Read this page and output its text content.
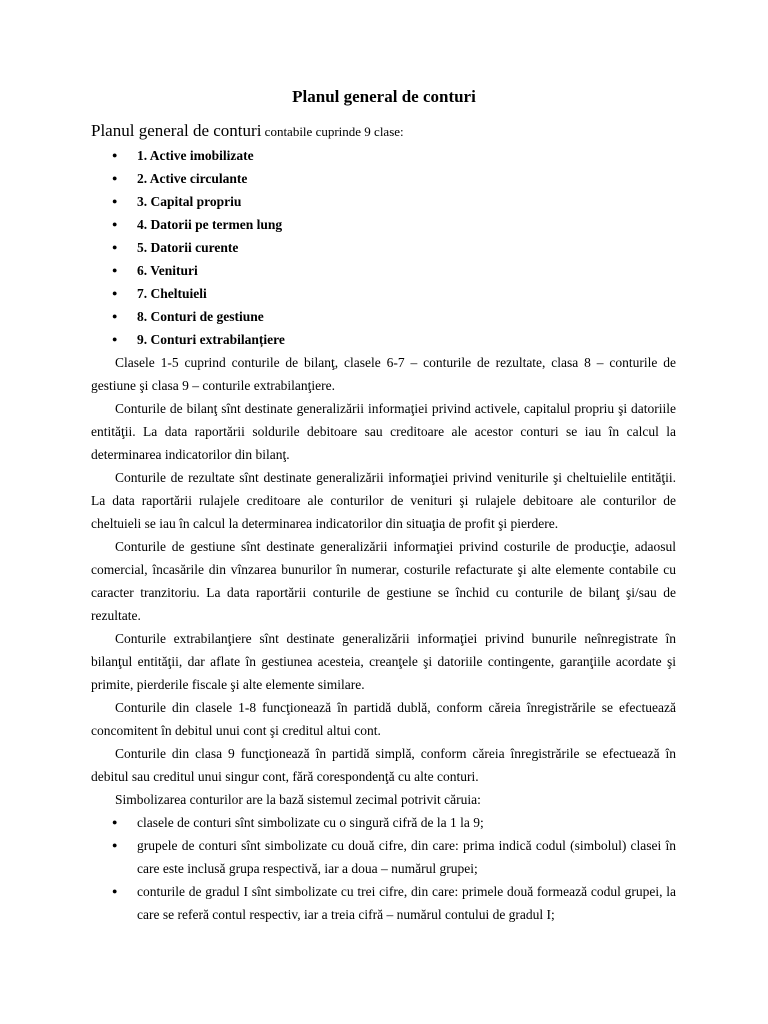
Planul general de conturi

Planul general de conturi contabile cuprinde 9 clase:

● 1. Active imobilizate
● 2. Active circulante
● 3. Capital propriu
● 4. Datorii pe termen lung
● 5. Datorii curente
● 6. Venituri
● 7. Cheltuieli
● 8. Conturi de gestiune
● 9. Conturi extrabilanțiere

Clasele 1-5 cuprind conturile de bilanţ, clasele 6-7 – conturile de rezultate, clasa 8 – conturile de gestiune şi clasa 9 – conturile extrabilanţiere.

Conturile de bilanţ sînt destinate generalizării informaţiei privind activele, capitalul propriu şi datoriile entităţii. La data raportării soldurile debitoare sau creditoare ale acestor conturi se iau în calcul la determinarea indicatorilor din bilanţ.

Conturile de rezultate sînt destinate generalizării informaţiei privind veniturile şi cheltuielile entităţii. La data raportării rulajele creditoare ale conturilor de venituri şi rulajele debitoare ale conturilor de cheltuieli se iau în calcul la determinarea indicatorilor din situaţia de profit şi pierdere.

Conturile de gestiune sînt destinate generalizării informaţiei privind costurile de producţie, adaosul comercial, încasările din vînzarea bunurilor în numerar, costurile refacturate şi alte elemente contabile cu caracter tranzitoriu. La data raportării conturile de gestiune se închid cu conturile de bilanţ şi/sau de rezultate.

Conturile extrabilanţiere sînt destinate generalizării informaţiei privind bunurile neînregistrate în bilanţul entităţii, dar aflate în gestiunea acesteia, creanţele şi datoriile contingente, garanţiile acordate şi primite, pierderile fiscale şi alte elemente similare.

Conturile din clasele 1-8 funcţionează în partidă dublă, conform căreia înregistrările se efectuează concomitent în debitul unui cont şi creditul altui cont.

Conturile din clasa 9 funcţionează în partidă simplă, conform căreia înregistrările se efectuează în debitul sau creditul unui singur cont, fără corespondenţă cu alte conturi.

Simbolizarea conturilor are la bază sistemul zecimal potrivit căruia:

● clasele de conturi sînt simbolizate cu o singură cifră de la 1 la 9;
● grupele de conturi sînt simbolizate cu două cifre, din care: prima indică codul (simbolul) clasei în care este inclusă grupa respectivă, iar a doua – numărul grupei;
● conturile de gradul I sînt simbolizate cu trei cifre, din care: primele două formează codul grupei, la care se referă contul respectiv, iar a treia cifră – numărul contului de gradul I;
